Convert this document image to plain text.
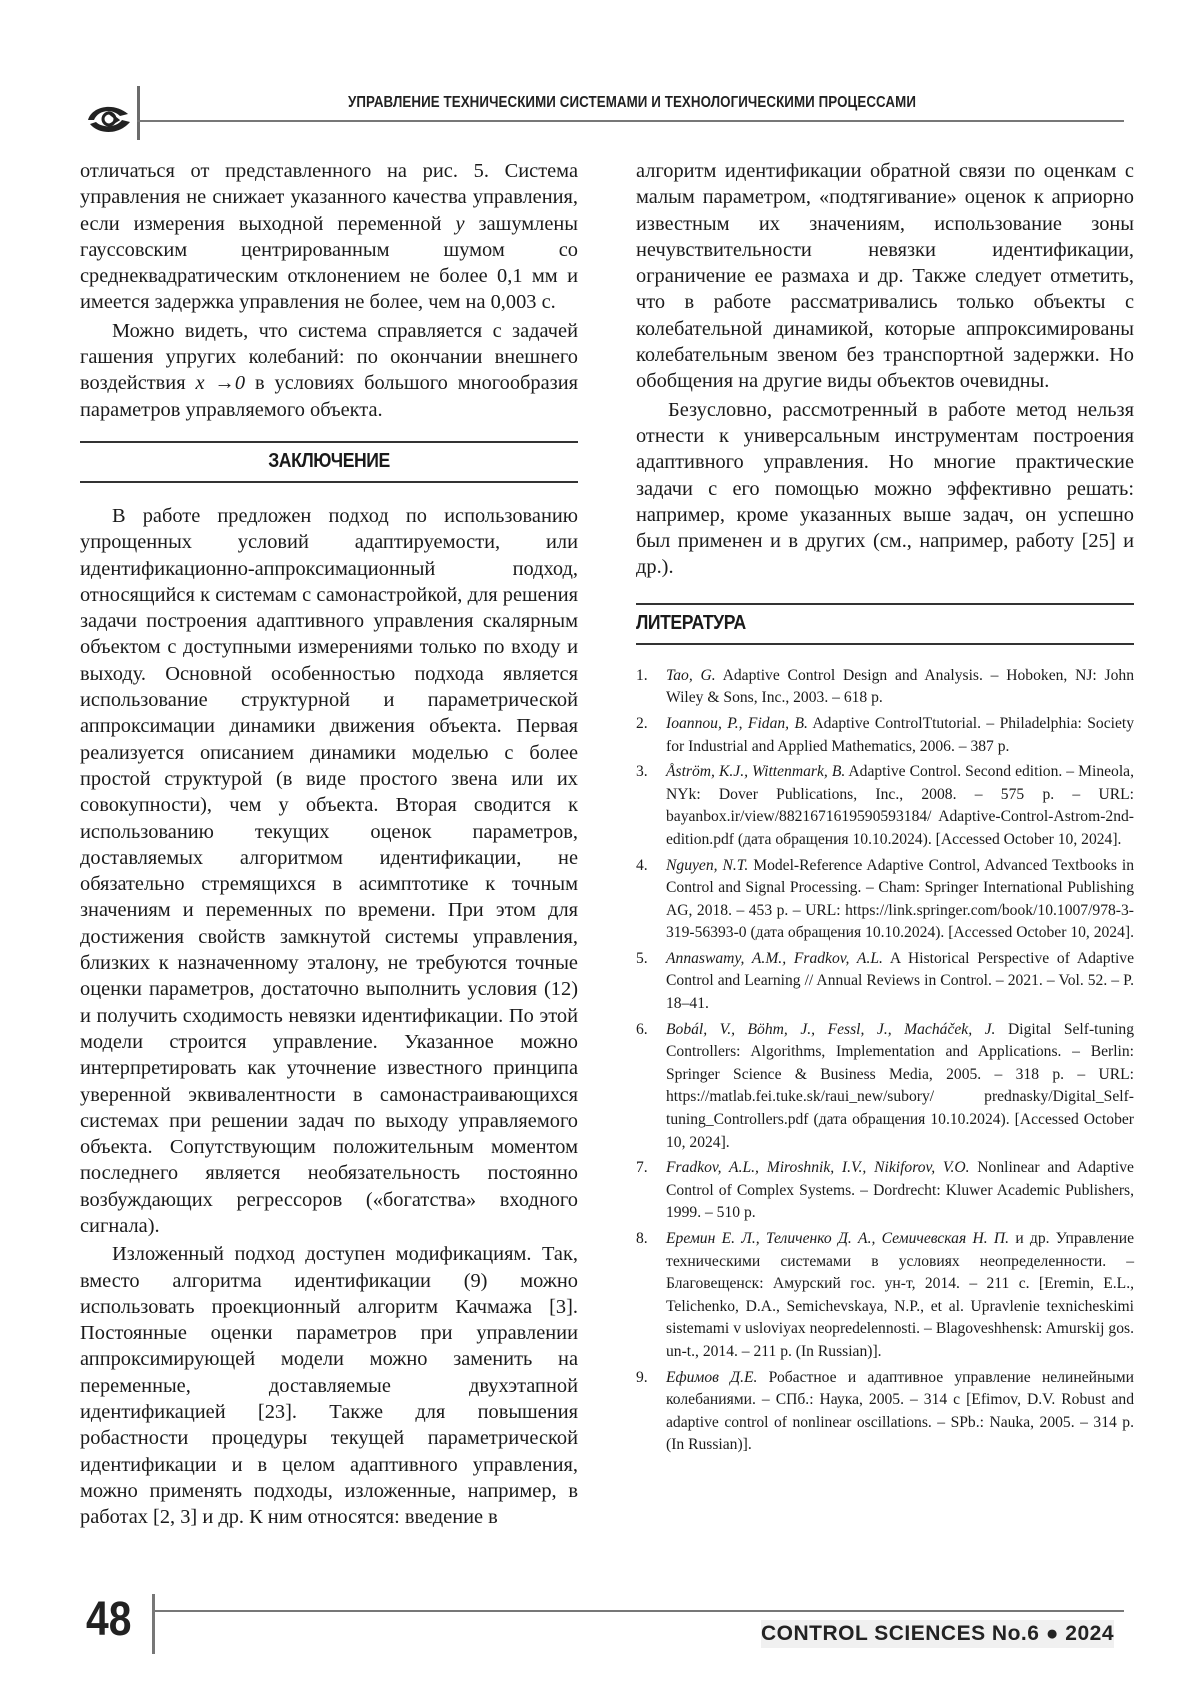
УПРАВЛЕНИЕ ТЕХНИЧЕСКИМИ СИСТЕМАМИ И ТЕХНОЛОГИЧЕСКИМИ ПРОЦЕССАМИ

отличаться от представленного на рис. 5. Система управления не снижает указанного качества управления, если измерения выходной переменной y зашумлены гауссовским центрированным шумом со среднеквадратическим отклонением не более 0,1 мм и имеется задержка управления не более, чем на 0,003 с.

Можно видеть, что система справляется с задачей гашения упругих колебаний: по окончании внешнего воздействия x →0 в условиях большого многообразия параметров управляемого объекта.

ЗАКЛЮЧЕНИЕ

В работе предложен подход по использованию упрощенных условий адаптируемости, или идентификационно-аппроксимационный подход, относящийся к системам с самонастройкой, для решения задачи построения адаптивного управления скалярным объектом с доступными измерениями только по входу и выходу. Основной особенностью подхода является использование структурной и параметрической аппроксимации динамики движения объекта. Первая реализуется описанием динамики моделью с более простой структурой (в виде простого звена или их совокупности), чем у объекта. Вторая сводится к использованию текущих оценок параметров, доставляемых алгоритмом идентификации, не обязательно стремящихся в асимптотике к точным значениям и переменных по времени. При этом для достижения свойств замкнутой системы управления, близких к назначенному эталону, не требуются точные оценки параметров, достаточно выполнить условия (12) и получить сходимость невязки идентификации. По этой модели строится управление. Указанное можно интерпретировать как уточнение известного принципа уверенной эквивалентности в самонастраивающихся системах при решении задач по выходу управляемого объекта. Сопутствующим положительным моментом последнего является необязательность постоянно возбуждающих регрессоров («богатства» входного сигнала).

Изложенный подход доступен модификациям. Так, вместо алгоритма идентификации (9) можно использовать проекционный алгоритм Качмажа [3]. Постоянные оценки параметров при управлении аппроксимирующей модели можно заменить на переменные, доставляемые двухэтапной идентификацией [23]. Также для повышения робастности процедуры текущей параметрической идентификации и в целом адаптивного управления, можно применять подходы, изложенные, например, в работах [2, 3] и др. К ним относятся: введение в

алгоритм идентификации обратной связи по оценкам с малым параметром, «подтягивание» оценок к априорно известным их значениям, использование зоны нечувствительности невязки идентификации, ограничение ее размаха и др. Также следует отметить, что в работе рассматривались только объекты с колебательной динамикой, которые аппроксимированы колебательным звеном без транспортной задержки. Но обобщения на другие виды объектов очевидны.

Безусловно, рассмотренный в работе метод нельзя отнести к универсальным инструментам построения адаптивного управления. Но многие практические задачи с его помощью можно эффективно решать: например, кроме указанных выше задач, он успешно был применен и в других (см., например, работу [25] и др.).

ЛИТЕРАТУРА
1. Tao, G. Adaptive Control Design and Analysis. – Hoboken, NJ: John Wiley & Sons, Inc., 2003. – 618 p.
2. Ioannou, P., Fidan, B. Adaptive ControlTtutorial. – Philadelphia: Society for Industrial and Applied Mathematics, 2006. – 387 p.
3. Åström, K.J., Wittenmark, B. Adaptive Control. Second edition. – Mineola, NYk: Dover Publications, Inc., 2008. – 575 p. – URL: bayanbox.ir/view/8821671619590593184/ Adaptive-Control-Astrom-2nd-edition.pdf (дата обращения 10.10.2024). [Accessed October 10, 2024].
4. Nguyen, N.T. Model-Reference Adaptive Control, Advanced Textbooks in Control and Signal Processing. – Cham: Springer International Publishing AG, 2018. – 453 p. – URL: https://link.springer.com/book/10.1007/978-3-319-56393-0 (дата обращения 10.10.2024). [Accessed October 10, 2024].
5. Annaswamy, A.M., Fradkov, A.L. A Historical Perspective of Adaptive Control and Learning // Annual Reviews in Control. – 2021. – Vol. 52. – P. 18–41.
6. Bobál, V., Böhm, J., Fessl, J., Macháček, J. Digital Self-tuning Controllers: Algorithms, Implementation and Applications. – Berlin: Springer Science & Business Media, 2005. – 318 p. – URL: https://matlab.fei.tuke.sk/raui_new/subory/ prednasky/Digital_Self-tuning_Controllers.pdf (дата обращения 10.10.2024). [Accessed October 10, 2024].
7. Fradkov, A.L., Miroshnik, I.V., Nikiforov, V.O. Nonlinear and Adaptive Control of Complex Systems. – Dordrecht: Kluwer Academic Publishers, 1999. – 510 p.
8. Еремин Е. Л., Теличенко Д. А., Семичевская Н. П. и др. Управление техническими системами в условиях неопределенности. – Благовещенск: Амурский гос. ун-т, 2014. – 211 с. [Eremin, E.L., Telichenko, D.A., Semichevskaya, N.P., et al. Upravlenie texnicheskimi sistemami v usloviyax neopredelennosti. – Blagoveshhensk: Amurskij gos. un-t., 2014. – 211 p. (In Russian)].
9. Ефимов Д.Е. Робастное и адаптивное управление нелинейными колебаниями. – СПб.: Наука, 2005. – 314 с [Efimov, D.V. Robust and adaptive control of nonlinear oscillations. – SPb.: Nauka, 2005. – 314 p. (In Russian)].
48	CONTROL SCIENCES No.6 ● 2024
